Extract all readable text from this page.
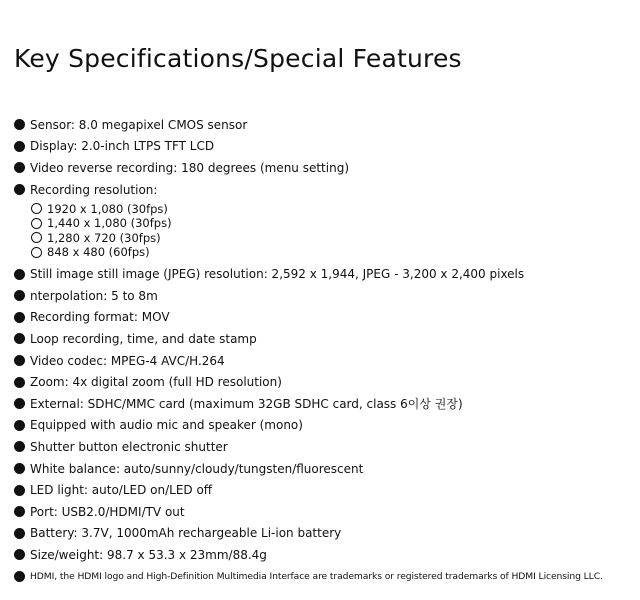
Key Specifications/Special Features
Sensor: 8.0 megapixel CMOS sensor
Display: 2.0-inch LTPS TFT LCD
Video reverse recording: 180 degrees (menu setting)
Recording resolution:
1920 x 1,080 (30fps)
1,440 x 1,080 (30fps)
1,280 x 720 (30fps)
848 x 480 (60fps)
Still image still image (JPEG) resolution: 2,592 x 1,944, JPEG - 3,200 x 2,400 pixels
nterpolation: 5 to 8m
Recording format: MOV
Loop recording, time, and date stamp
Video codec: MPEG-4 AVC/H.264
Zoom: 4x digital zoom (full HD resolution)
External: SDHC/MMC card (maximum 32GB SDHC card, class 6이상 권장)
Equipped with audio mic and speaker (mono)
Shutter button electronic shutter
White balance: auto/sunny/cloudy/tungsten/fluorescent
LED light: auto/LED on/LED off
Port: USB2.0/HDMI/TV out
Battery: 3.7V, 1000mAh rechargeable Li-ion battery
Size/weight: 98.7 x 53.3 x 23mm/88.4g
HDMI, the HDMI logo and High-Definition Multimedia Interface are trademarks or registered trademarks of HDMI Licensing LLC.
